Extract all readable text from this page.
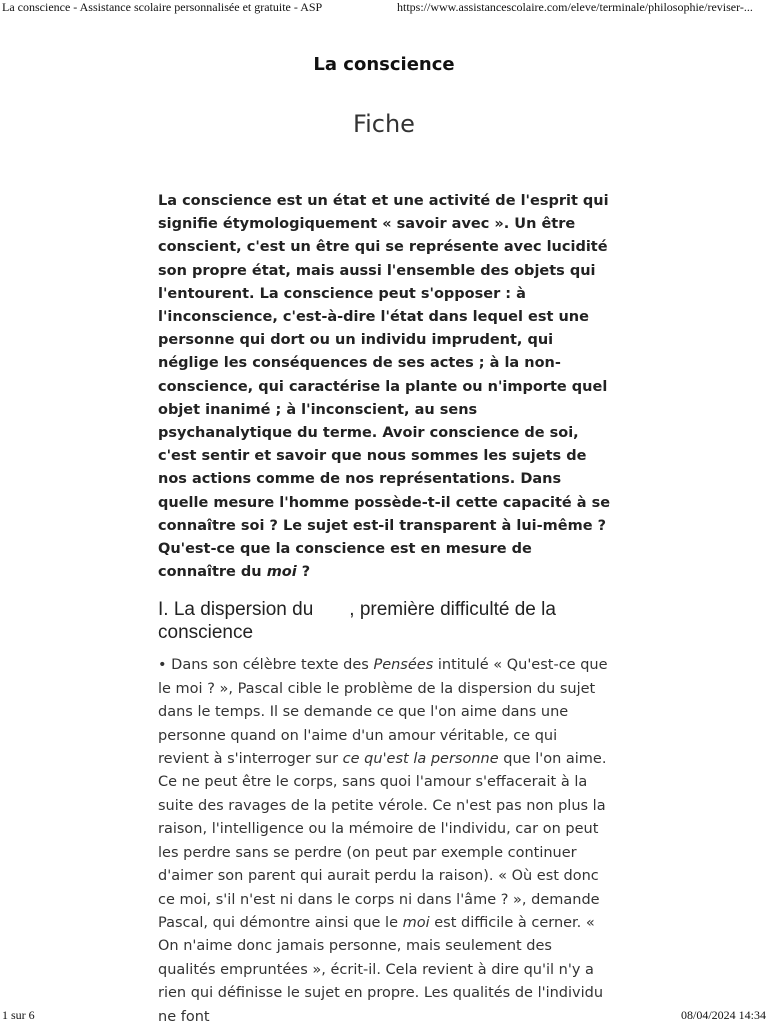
La conscience - Assistance scolaire personnalisée et gratuite - ASP	https://www.assistancescolaire.com/eleve/terminale/philosophie/reviser-...
La conscience
Fiche

La conscience est un état et une activité de l'esprit qui signifie étymologiquement « savoir avec ». Un être conscient, c'est un être qui se représente avec lucidité son propre état, mais aussi l'ensemble des objets qui l'entourent. La conscience peut s'opposer : à l'inconscience, c'est-à-dire l'état dans lequel est une personne qui dort ou un individu imprudent, qui néglige les conséquences de ses actes ; à la non-conscience, qui caractérise la plante ou n'importe quel objet inanimé ; à l'inconscient, au sens psychanalytique du terme. Avoir conscience de soi, c'est sentir et savoir que nous sommes les sujets de nos actions comme de nos représentations. Dans quelle mesure l'homme possède-t-il cette capacité à se connaître soi ? Le sujet est-il transparent à lui-même ? Qu'est-ce que la conscience est en mesure de connaître du moi ?

I. La dispersion du , première difficulté de la conscience

• Dans son célèbre texte des Pensées intitulé « Qu'est-ce que le moi ? », Pascal cible le problème de la dispersion du sujet dans le temps. Il se demande ce que l'on aime dans une personne quand on l'aime d'un amour véritable, ce qui revient à s'interroger sur ce qu'est la personne que l'on aime. Ce ne peut être le corps, sans quoi l'amour s'effacerait à la suite des ravages de la petite vérole. Ce n'est pas non plus la raison, l'intelligence ou la mémoire de l'individu, car on peut les perdre sans se perdre (on peut par exemple continuer d'aimer son parent qui aurait perdu la raison). « Où est donc ce moi, s'il n'est ni dans le corps ni dans l'âme ? », demande Pascal, qui démontre ainsi que le moi est difficile à cerner. « On n'aime donc jamais personne, mais seulement des qualités empruntées », écrit-il. Cela revient à dire qu'il n'y a rien qui définisse le sujet en propre. Les qualités de l'individu ne font

1 sur 6	08/04/2024 14:34
